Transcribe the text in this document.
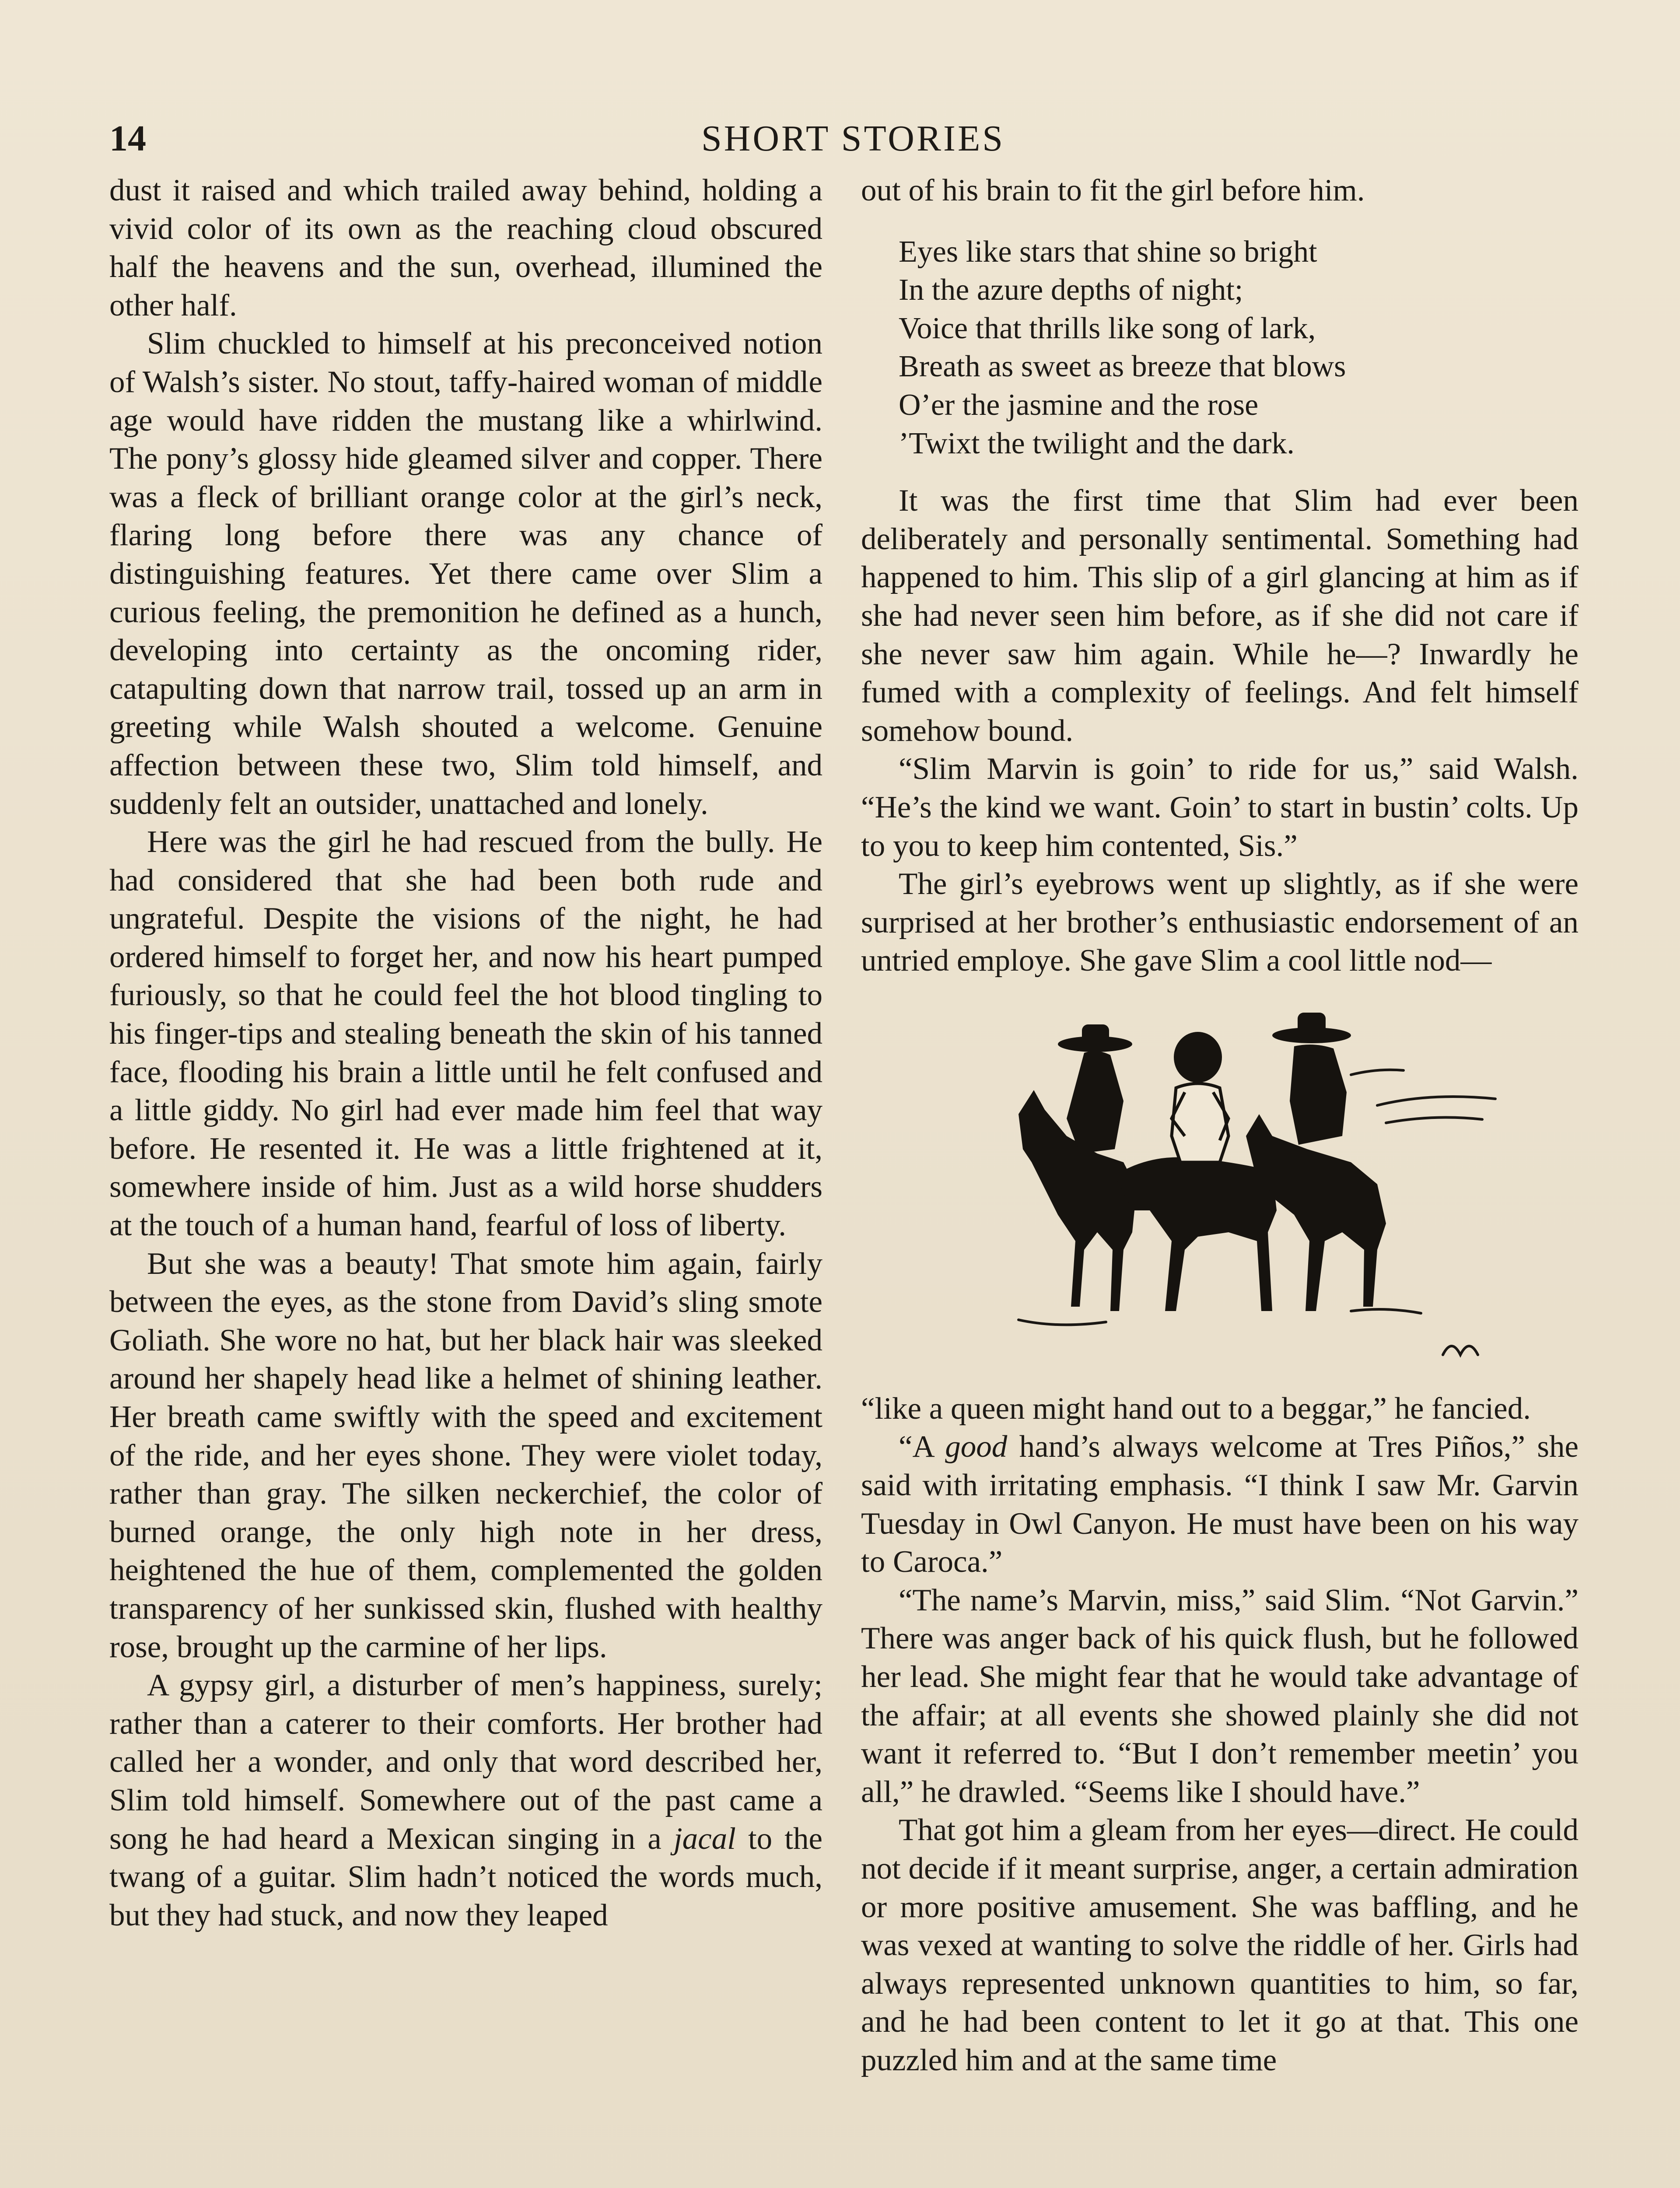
14	SHORT STORIES

dust it raised and which trailed away behind, holding a vivid color of its own as the reaching cloud obscured half the heavens and the sun, overhead, illumined the other half.

Slim chuckled to himself at his preconceived notion of Walsh’s sister. No stout, taffy-haired woman of middle age would have ridden the mustang like a whirlwind. The pony’s glossy hide gleamed silver and copper. There was a fleck of brilliant orange color at the girl’s neck, flaring long before there was any chance of distinguishing features. Yet there came over Slim a curious feeling, the premonition he defined as a hunch, developing into certainty as the oncoming rider, catapulting down that narrow trail, tossed up an arm in greeting while Walsh shouted a welcome. Genuine affection between these two, Slim told himself, and suddenly felt an outsider, unattached and lonely.

Here was the girl he had rescued from the bully. He had considered that she had been both rude and ungrateful. Despite the visions of the night, he had ordered himself to forget her, and now his heart pumped furiously, so that he could feel the hot blood tingling to his finger-tips and stealing beneath the skin of his tanned face, flooding his brain a little until he felt confused and a little giddy. No girl had ever made him feel that way before. He resented it. He was a little frightened at it, somewhere inside of him. Just as a wild horse shudders at the touch of a human hand, fearful of loss of liberty.

But she was a beauty! That smote him again, fairly between the eyes, as the stone from David’s sling smote Goliath. She wore no hat, but her black hair was sleeked around her shapely head like a helmet of shining leather. Her breath came swiftly with the speed and excitement of the ride, and her eyes shone. They were violet today, rather than gray. The silken neckerchief, the color of burned orange, the only high note in her dress, heightened the hue of them, complemented the golden transparency of her sunkissed skin, flushed with healthy rose, brought up the carmine of her lips.

A gypsy girl, a disturber of men’s happiness, surely; rather than a caterer to their comforts. Her brother had called her a wonder, and only that word described her, Slim told himself. Somewhere out of the past came a song he had heard a Mexican singing in a jacal to the twang of a guitar. Slim hadn’t noticed the words much, but they had stuck, and now they leaped

out of his brain to fit the girl before him.

Eyes like stars that shine so bright
In the azure depths of night;
Voice that thrills like song of lark,
Breath as sweet as breeze that blows
O’er the jasmine and the rose
’Twixt the twilight and the dark.

It was the first time that Slim had ever been deliberately and personally sentimental. Something had happened to him. This slip of a girl glancing at him as if she had never seen him before, as if she did not care if she never saw him again. While he—? Inwardly he fumed with a complexity of feelings. And felt himself somehow bound.

“Slim Marvin is goin’ to ride for us,” said Walsh. “He’s the kind we want. Goin’ to start in bustin’ colts. Up to you to keep him contented, Sis.”

The girl’s eyebrows went up slightly, as if she were surprised at her brother’s enthusiastic endorsement of an untried employe. She gave Slim a cool little nod—

“like a queen might hand out to a beggar,” he fancied.

“A good hand’s always welcome at Tres Piños,” she said with irritating emphasis. “I think I saw Mr. Garvin Tuesday in Owl Canyon. He must have been on his way to Caroca.”

“The name’s Marvin, miss,” said Slim. “Not Garvin.” There was anger back of his quick flush, but he followed her lead. She might fear that he would take advantage of the affair; at all events she showed plainly she did not want it referred to. “But I don’t remember meetin’ you all,” he drawled. “Seems like I should have.”

That got him a gleam from her eyes—direct. He could not decide if it meant surprise, anger, a certain admiration or more positive amusement. She was baffling, and he was vexed at wanting to solve the riddle of her. Girls had always represented unknown quantities to him, so far, and he had been content to let it go at that. This one puzzled him and at the same time
